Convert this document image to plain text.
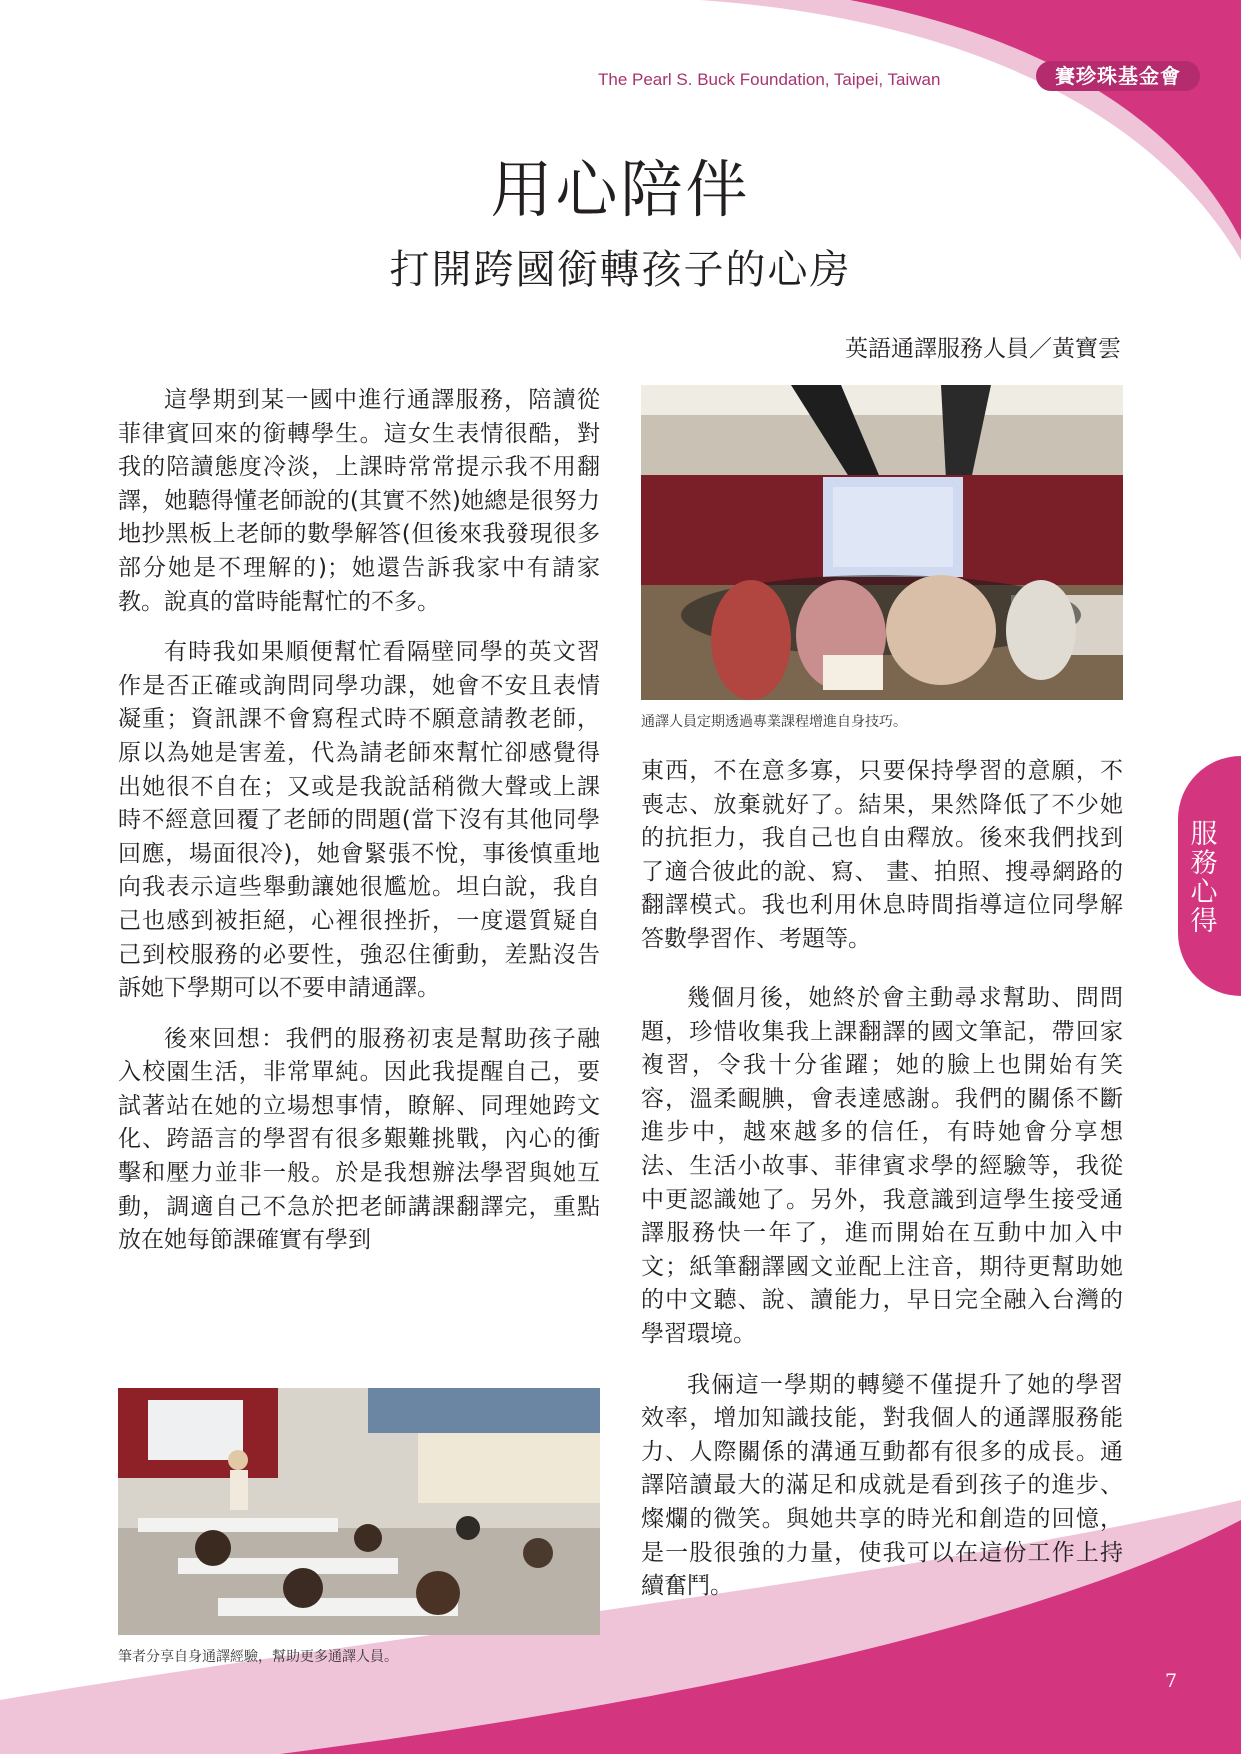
The Pearl S. Buck Foundation, Taipei, Taiwan	賽珍珠基金會
用心陪伴
打開跨國銜轉孩子的心房
英語通譯服務人員／黃寶雲

這學期到某一國中進行通譯服務，陪讀從菲律賓回來的銜轉學生。這女生表情很酷，對我的陪讀態度冷淡，上課時常常提示我不用翻譯，她聽得懂老師說的(其實不然)她總是很努力地抄黑板上老師的數學解答(但後來我發現很多部分她是不理解的)；她還告訴我家中有請家教。說真的當時能幫忙的不多。

有時我如果順便幫忙看隔壁同學的英文習作是否正確或詢問同學功課，她會不安且表情凝重；資訊課不會寫程式時不願意請教老師，原以為她是害羞，代為請老師來幫忙卻感覺得出她很不自在；又或是我說話稍微大聲或上課時不經意回覆了老師的問題(當下沒有其他同學回應，場面很冷)，她會緊張不悅，事後慎重地向我表示這些舉動讓她很尷尬。坦白說，我自己也感到被拒絕，心裡很挫折，一度還質疑自己到校服務的必要性，強忍住衝動，差點沒告訴她下學期可以不要申請通譯。

後來回想：我們的服務初衷是幫助孩子融入校園生活，非常單純。因此我提醒自己，要試著站在她的立場想事情，瞭解、同理她跨文化、跨語言的學習有很多艱難挑戰，內心的衝擊和壓力並非一般。於是我想辦法學習與她互動，調適自己不急於把老師講課翻譯完，重點放在她每節課確實有學到

通譯人員定期透過專業課程增進自身技巧。

東西，不在意多寡，只要保持學習的意願，不喪志、放棄就好了。結果，果然降低了不少她的抗拒力，我自己也自由釋放。後來我們找到了適合彼此的說、寫、 畫、拍照、搜尋網路的翻譯模式。我也利用休息時間指導這位同學解答數學習作、考題等。

幾個月後，她終於會主動尋求幫助、問問題，珍惜收集我上課翻譯的國文筆記，帶回家複習，令我十分雀躍；她的臉上也開始有笑容，溫柔靦腆，會表達感謝。我們的關係不斷進步中，越來越多的信任，有時她會分享想法、生活小故事、菲律賓求學的經驗等，我從中更認識她了。另外，我意識到這學生接受通譯服務快一年了，進而開始在互動中加入中文；紙筆翻譯國文並配上注音，期待更幫助她的中文聽、說、讀能力，早日完全融入台灣的學習環境。

我倆這一學期的轉變不僅提升了她的學習效率，增加知識技能，對我個人的通譯服務能力、人際關係的溝通互動都有很多的成長。通譯陪讀最大的滿足和成就是看到孩子的進步、燦爛的微笑。與她共享的時光和創造的回憶，是一股很強的力量，使我可以在這份工作上持續奮鬥。

筆者分享自身通譯經驗，幫助更多通譯人員。
服務心得
7
